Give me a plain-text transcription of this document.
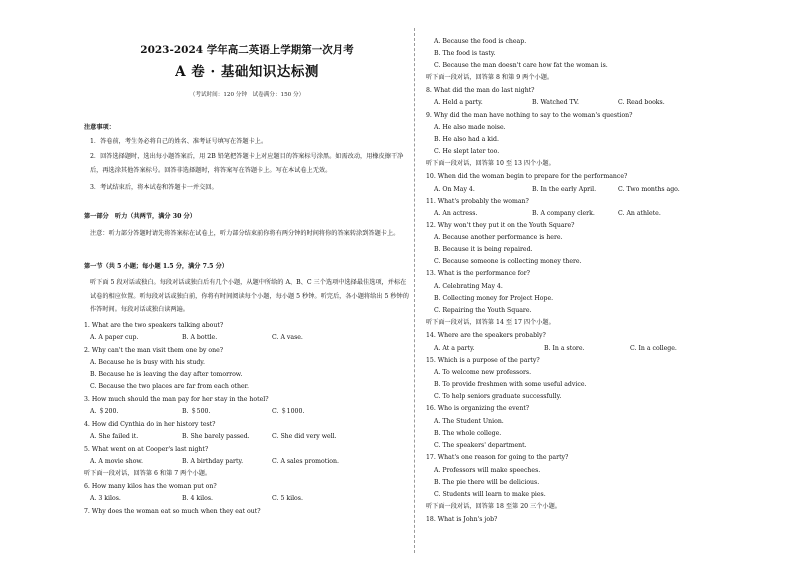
2023-2024 学年高二英语上学期第一次月考
A 卷 · 基础知识达标测
（考试时间：120 分钟　试卷满分：150 分）
注意事项：
1．答卷前，考生务必将自己的姓名、准考证号填写在答题卡上。
2．回答选择题时，选出每小题答案后，用 2B 铅笔把答题卡上对应题目的答案标号涂黑。如需改动，用橡皮擦干净后，再选涂其他答案标号。回答非选择题时，将答案写在答题卡上。写在本试卷上无效。
3．考试结束后，将本试卷和答题卡一并交回。
第一部分　听力（共两节，满分 30 分）
注意：听力部分答题时请先将答案标在试卷上，听力部分结束前你将有两分钟的时间将你的答案转涂到答题卡上。
第一节（共 5 小题；每小题 1.5 分，满分 7.5 分）
听下面 5 段对话或独白。每段对话或独白后有几个小题，从题中所给的 A、B、C 三个选项中选择最佳选项，并标在试卷的相应位置。听每段对话或独白前，你将有时间阅读每个小题，每小题 5 秒钟。听完后，各小题将给出 5 秒钟的作答时间。每段对话或独白读两遍。
1. What are the two speakers talking about?
A. A paper cup.	B. A bottle.	C. A vase.
2. Why can't the man visit them one by one?
A. Because he is busy with his study.
B. Because he is leaving the day after tomorrow.
C. Because the two places are far from each other.
3. How much should the man pay for her stay in the hotel?
A. ＄200.	B. ＄500.	C. ＄1000.
4. How did Cynthia do in her history test?
A. She failed it.	B. She barely passed.	C. She did very well.
5. What went on at Cooper's last night?
A. A movie show.	B. A birthday party.	C. A sales promotion.
听下面一段对话，回答第 6 和第 7 两个小题。
6. How many kilos has the woman put on?
A. 3 kilos.	B. 4 kilos.	C. 5 kilos.
7. Why does the woman eat so much when they eat out?
A. Because the food is cheap.
B. The food is tasty.
C. Because the man doesn't care how fat the woman is.
听下面一段对话，回答第 8 和第 9 两个小题。
8. What did the man do last night?
A. Held a party.	B. Watched TV.	C. Read books.
9. Why did the man have nothing to say to the woman's question?
A. He also made noise.
B. He also had a kid.
C. He slept later too.
听下面一段对话，回答第 10 至 13 四个小题。
10. When did the woman begin to prepare for the performance?
A. On May 4.	B. In the early April.	C. Two months ago.
11. What's probably the woman?
A. An actress.	B. A company clerk.	C. An athlete.
12. Why won't they put it on the Youth Square?
A. Because another performance is here.
B. Because it is being repaired.
C. Because someone is collecting money there.
13. What is the performance for?
A. Celebrating May 4.
B. Collecting money for Project Hope.
C. Repairing the Youth Square.
听下面一段对话，回答第 14 至 17 四个小题。
14. Where are the speakers probably?
A. At a party.	B. In a store.	C. In a college.
15. Which is a purpose of the party?
A. To welcome new professors.
B. To provide freshmen with some useful advice.
C. To help seniors graduate successfully.
16. Who is organizing the event?
A. The Student Union.
B. The whole college.
C. The speakers' department.
17. What's one reason for going to the party?
A. Professors will make speeches.
B. The pie there will be delicious.
C. Students will learn to make pies.
听下面一段对话，回答第 18 至第 20 三个小题。
18. What is John's job?
